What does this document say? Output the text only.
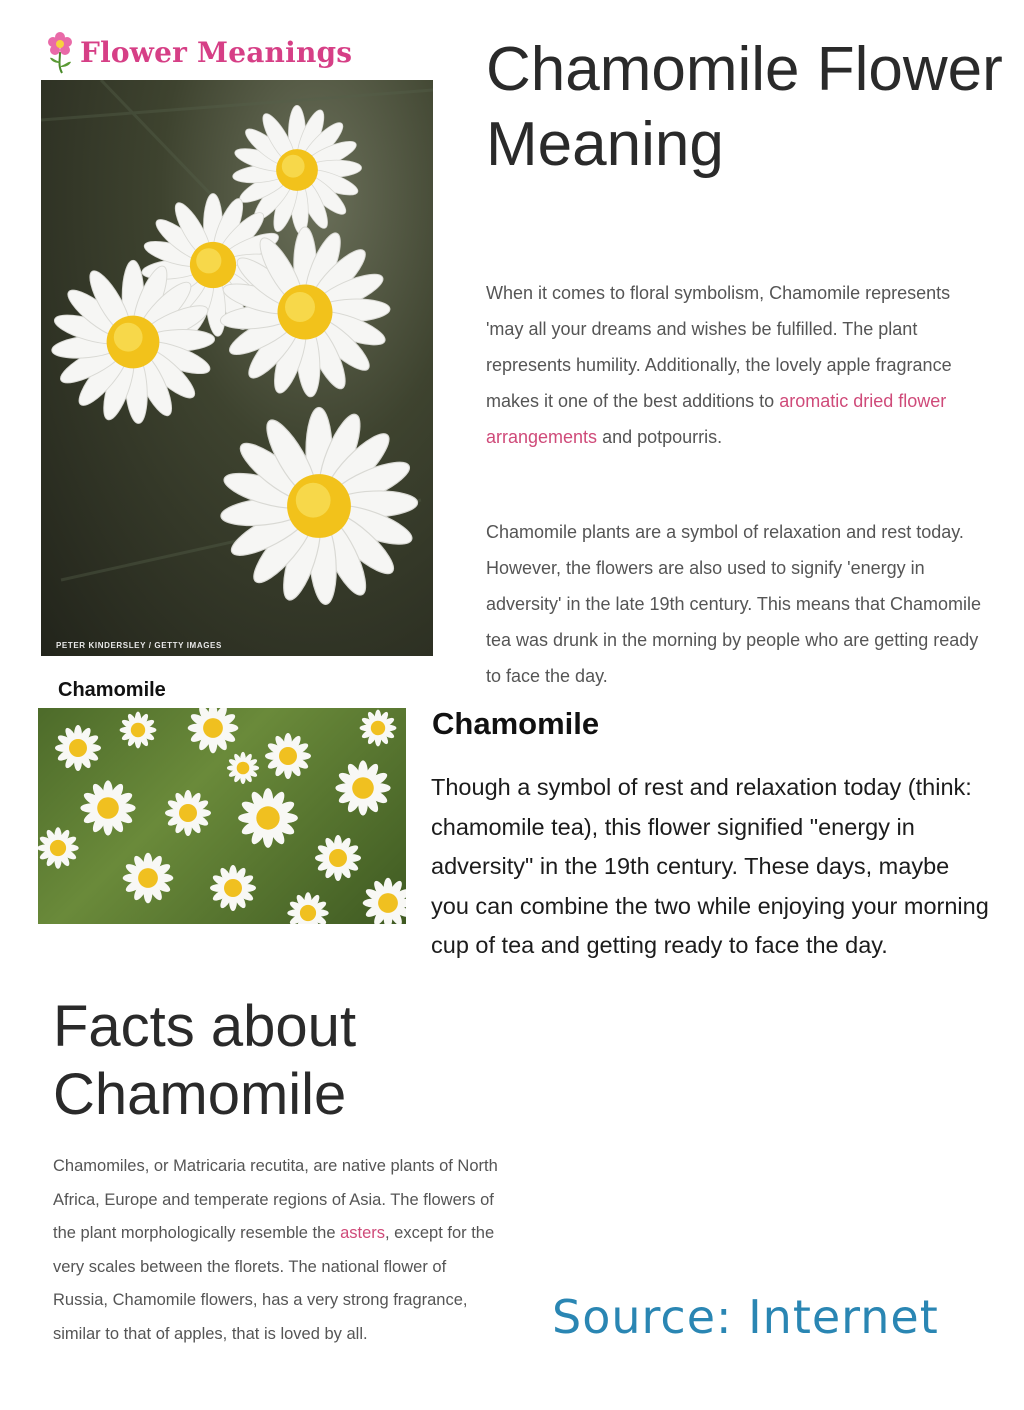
Flower Meanings
PETER KINDERSLEY / GETTY IMAGES
Chamomile
Chamomile Flower Meaning

When it comes to floral symbolism, Chamomile represents 'may all your dreams and wishes be fulfilled. The plant represents humility. Additionally, the lovely apple fragrance makes it one of the best additions to aromatic dried flower arrangements and potpourris.

Chamomile plants are a symbol of relaxation and rest today. However, the flowers are also used to signify 'energy in adversity' in the late 19th century. This means that Chamomile tea was drunk in the morning by people who are getting ready to face the day.

Chamomile

Though a symbol of rest and relaxation today (think: chamomile tea), this flower signified "energy in adversity" in the 19th century. These days, maybe you can combine the two while enjoying your morning cup of tea and getting ready to face the day.

Facts about Chamomile

Chamomiles, or Matricaria recutita, are native plants of North Africa, Europe and temperate regions of Asia. The flowers of the plant morphologically resemble the asters, except for the very scales between the florets. The national flower of Russia, Chamomile flowers, has a very strong fragrance, similar to that of apples, that is loved by all.	Source: Internet
